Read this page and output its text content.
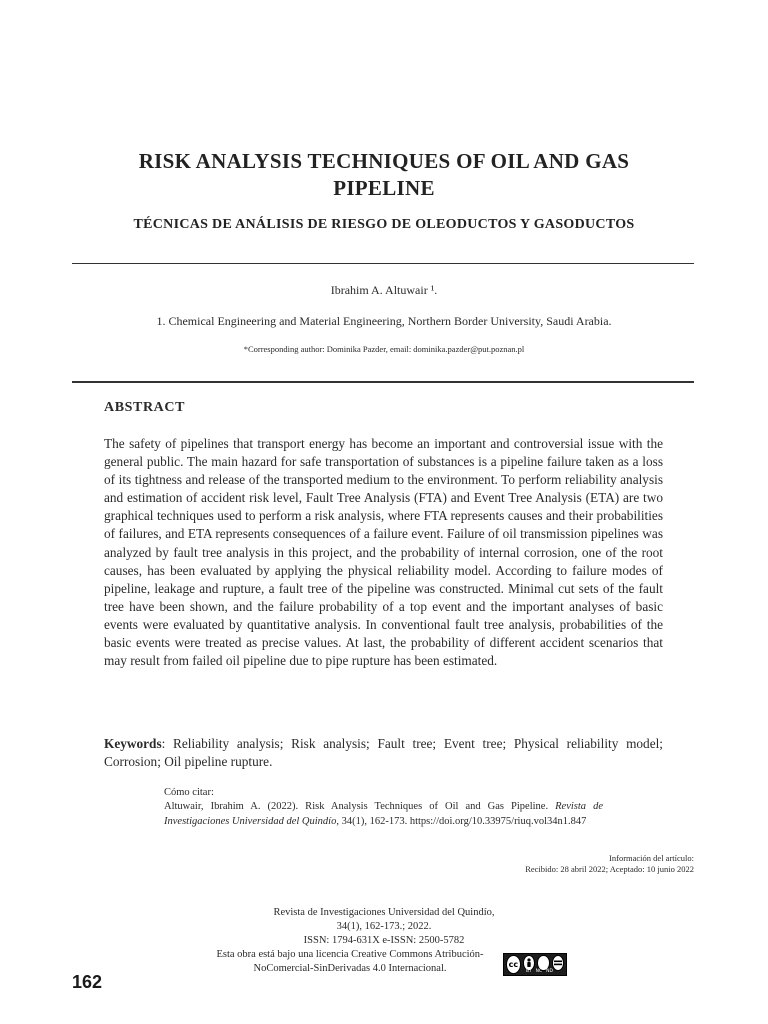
RISK ANALYSIS TECHNIQUES OF OIL AND GAS
PIPELINE
TÉCNICAS DE ANÁLISIS DE RIESGO DE OLEODUCTOS Y GASODUCTOS
Ibrahim A. Altuwair ¹.
1. Chemical Engineering and Material Engineering, Northern Border University, Saudi Arabia.
*Corresponding author: Dominika Pazder, email: dominika.pazder@put.poznan.pl
ABSTRACT
The safety of pipelines that transport energy has become an important and controversial issue with the general public. The main hazard for safe transportation of substances is a pipeline failure taken as a loss of its tightness and release of the transported medium to the environment. To perform reliability analysis and estimation of accident risk level, Fault Tree Analysis (FTA) and Event Tree Analysis (ETA) are two graphical techniques used to perform a risk analysis, where FTA represents causes and their probabilities of failures, and ETA represents consequences of a failure event. Failure of oil transmission pipelines was analyzed by fault tree analysis in this project, and the probability of internal corrosion, one of the root causes, has been evaluated by applying the physical reliability model. According to failure modes of pipeline, leakage and rupture, a fault tree of the pipeline was constructed. Minimal cut sets of the fault tree have been shown, and the failure probability of a top event and the important analyses of basic events were evaluated by quantitative analysis. In conventional fault tree analysis, probabilities of the basic events were treated as precise values. At last, the probability of different accident scenarios that may result from failed oil pipeline due to pipe rupture has been estimated.
Keywords: Reliability analysis; Risk analysis; Fault tree; Event tree; Physical reliability model; Corrosion; Oil pipeline rupture.
Cómo citar:
Altuwair, Ibrahim A. (2022). Risk Analysis Techniques of Oil and Gas Pipeline. Revista de Investigaciones Universidad del Quindío, 34(1), 162-173. https://doi.org/10.33975/riuq.vol34n1.847
Información del artículo:
Recibido: 28 abril 2022; Aceptado: 10 junio 2022
Revista de Investigaciones Universidad del Quindío,
34(1), 162-173.; 2022.
ISSN: 1794-631X e-ISSN: 2500-5782
Esta obra está bajo una licencia Creative Commons Atribución-
NoComercial-SinDerivadas 4.0 Internacional.	cc
BY NC ND
162
